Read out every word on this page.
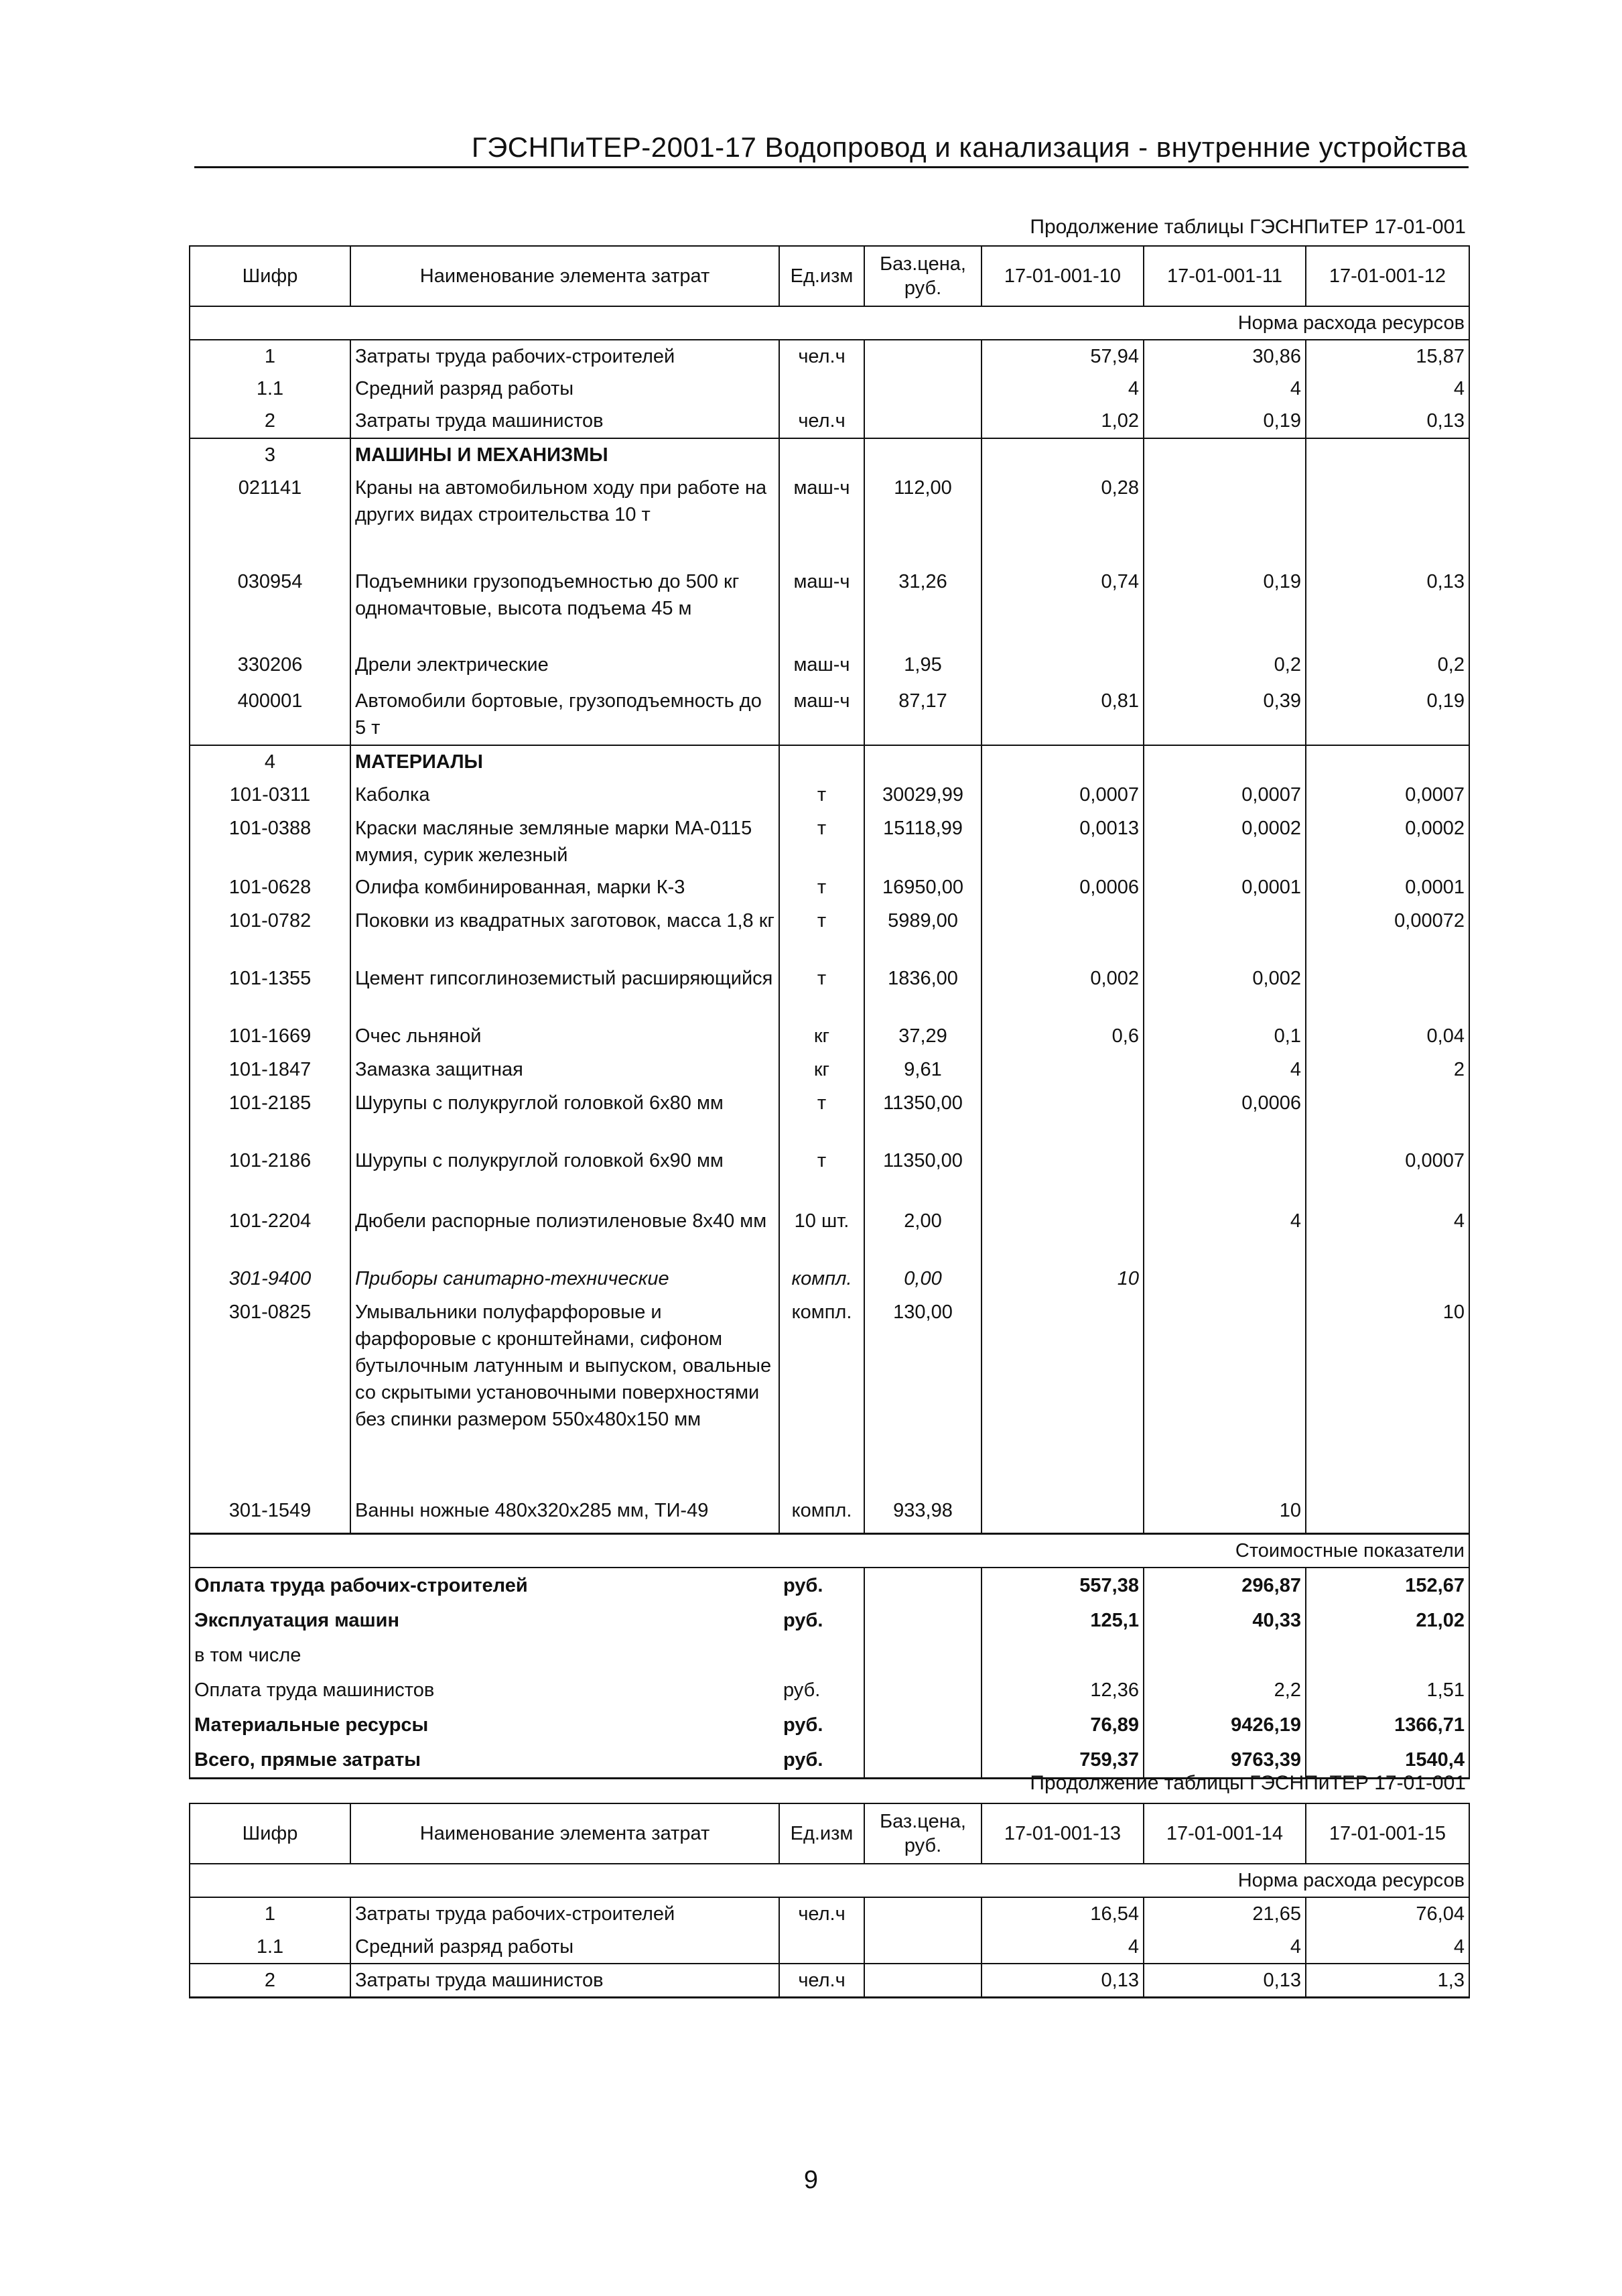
ГЭСНПиТЕР-2001-17 Водопровод и канализация - внутренние устройства
Продолжение таблицы ГЭСНПиТЕР 17-01-001
Шифр	Наименование элемента затрат	Ед.изм	Баз.цена, руб.	17-01-001-10	17-01-001-11	17-01-001-12
Норма расхода ресурсов						
1	Затраты труда рабочих-строителей	чел.ч		57,94	30,86	15,87
1.1	Средний разряд работы			4	4	4
2	Затраты труда машинистов	чел.ч		1,02	0,19	0,13
3	МАШИНЫ И МЕХАНИЗМЫ					
021141	Краны на автомобильном ходу при работе на других видах строительства 10 т	маш-ч	112,00	0,28		
030954	Подъемники грузоподъемностью до 500 кг одномачтовые, высота подъема 45 м	маш-ч	31,26	0,74	0,19	0,13
330206	Дрели электрические	маш-ч	1,95		0,2	0,2
400001	Автомобили бортовые, грузоподъемность до 5 т	маш-ч	87,17	0,81	0,39	0,19
4	МАТЕРИАЛЫ					
101-0311	Каболка	т	30029,99	0,0007	0,0007	0,0007
101-0388	Краски масляные земляные марки МА-0115 мумия, сурик железный	т	15118,99	0,0013	0,0002	0,0002
101-0628	Олифа комбинированная, марки К-3	т	16950,00	0,0006	0,0001	0,0001
101-0782	Поковки из квадратных заготовок, масса 1,8 кг	т	5989,00			0,00072
101-1355	Цемент гипсоглиноземистый расширяющийся	т	1836,00	0,002	0,002	
101-1669	Очес льняной	кг	37,29	0,6	0,1	0,04
101-1847	Замазка защитная	кг	9,61		4	2
101-2185	Шурупы с полукруглой головкой 6x80 мм	т	11350,00		0,0006	
101-2186	Шурупы с полукруглой головкой 6x90 мм	т	11350,00			0,0007
101-2204	Дюбели распорные полиэтиленовые 8x40 мм	10 шт.	2,00		4	4
301-9400	Приборы санитарно-технические	компл.	0,00	10		
301-0825	Умывальники полуфарфоровые и фарфоровые с кронштейнами, сифоном бутылочным латунным и выпуском, овальные со скрытыми установочными поверхностями без спинки размером 550x480x150 мм	компл.	130,00			10
301-1549	Ванны ножные 480x320x285 мм, ТИ-49	компл.	933,98		10	
Стоимостные показатели						
Оплата труда рабочих-строителей		руб.		557,38	296,87	152,67
Эксплуатация машин		руб.		125,1	40,33	21,02
в том числе						
Оплата труда машинистов		руб.		12,36	2,2	1,51
Материальные ресурсы		руб.		76,89	9426,19	1366,71
Всего, прямые затраты		руб.		759,37	9763,39	1540,4
Продолжение таблицы ГЭСНПиТЕР 17-01-001
Шифр	Наименование элемента затрат	Ед.изм	Баз.цена, руб.	17-01-001-13	17-01-001-14	17-01-001-15
Норма расхода ресурсов						
1	Затраты труда рабочих-строителей	чел.ч		16,54	21,65	76,04
1.1	Средний разряд работы			4	4	4
2	Затраты труда машинистов	чел.ч		0,13	0,13	1,3
9
